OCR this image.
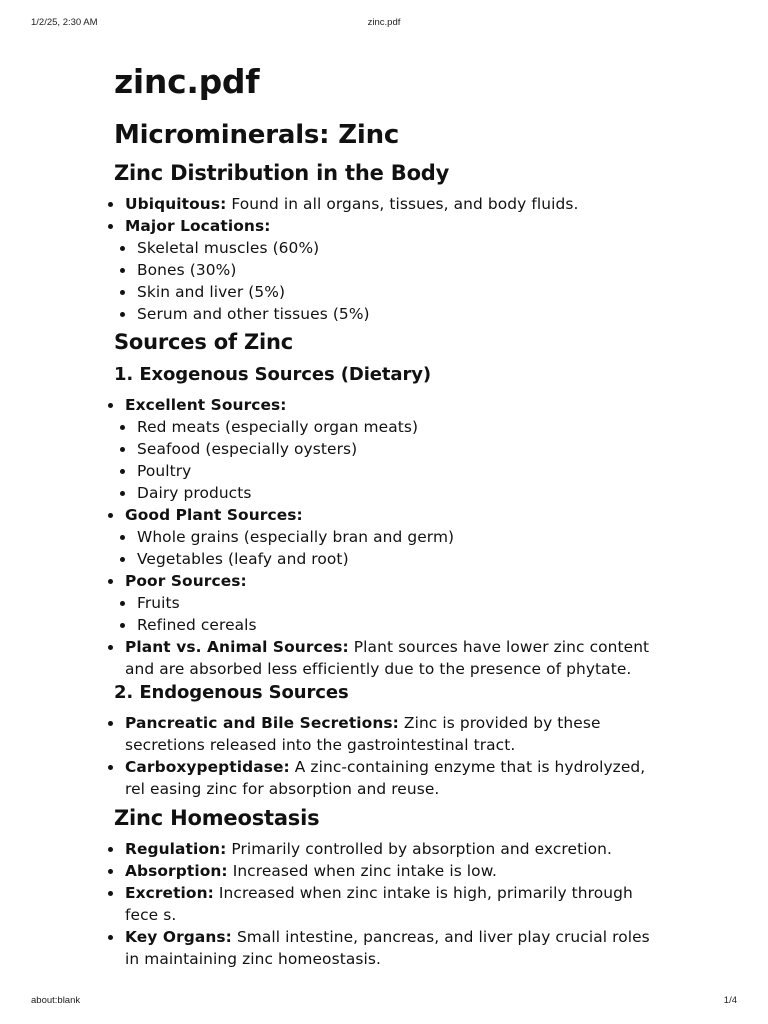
1/2/25, 2:30 AM	zinc.pdf
zinc.pdf
Microminerals: Zinc
Zinc Distribution in the Body
Ubiquitous: Found in all organs, tissues, and body fluids.
Major Locations:
Skeletal muscles (60%)
Bones (30%)
Skin and liver (5%)
Serum and other tissues (5%)
Sources of Zinc
1. Exogenous Sources (Dietary)
Excellent Sources:
Red meats (especially organ meats)
Seafood (especially oysters)
Poultry
Dairy products
Good Plant Sources:
Whole grains (especially bran and germ)
Vegetables (leafy and root)
Poor Sources:
Fruits
Refined cereals
Plant vs. Animal Sources: Plant sources have lower zinc content and are absorbed less efficiently due to the presence of phytate.
2. Endogenous Sources
Pancreatic and Bile Secretions: Zinc is provided by these secretions released into the gastrointestinal tract.
Carboxypeptidase: A zinc-containing enzyme that is hydrolyzed, rel easing zinc for absorption and reuse.
Zinc Homeostasis
Regulation: Primarily controlled by absorption and excretion.
Absorption: Increased when zinc intake is low.
Excretion: Increased when zinc intake is high, primarily through fece s.
Key Organs: Small intestine, pancreas, and liver play crucial roles in maintaining zinc homeostasis.
about:blank	1/4
